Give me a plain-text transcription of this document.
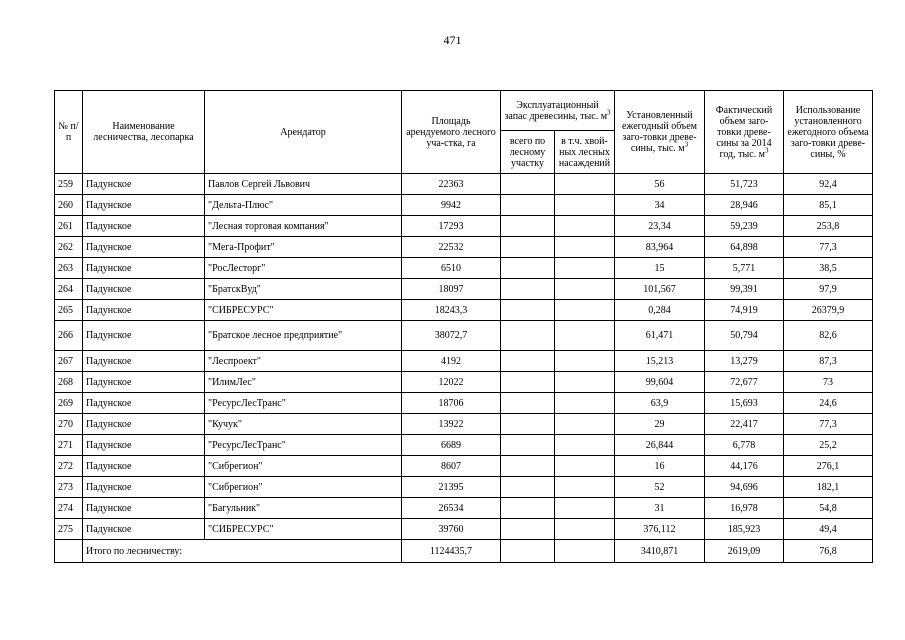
471
№ п/п	Наименование лесничества, лесопарка	Арендатор	Площадь арендуемого лесного уча-стка, га	Эксплуатационный запас древесины, тыс. $м^3$		Установленный ежегодный объем заго-товки древе-сины, тыс. $м^3$	Фактический объем заго-товки древе-сины за 2014 год, тыс. $м^3$	Использование установленного ежегодного объема заго-товки древе-сины, %
				всего по лесному участку	в т.ч. хвой-ных лесных насаждений			
259	Падунское	Павлов Сергей Львович	22363			56	51,723	92,4
260	Падунское	"Дельта-Плюс"	9942			34	28,946	85,1
261	Падунское	"Лесная торговая компания"	17293			23,34	59,239	253,8
262	Падунское	"Мега-Профит"	22532			83,964	64,898	77,3
263	Падунское	"РосЛесторг"	6510			15	5,771	38,5
264	Падунское	"БратскВуд"	18097			101,567	99,391	97,9
265	Падунское	"СИБРЕСУРС"	18243,3			0,284	74,919	26379,9
266	Падунское	"Братское лесное предприятие"	38072,7			61,471	50,794	82,6
267	Падунское	"Леспроект"	4192			15,213	13,279	87,3
268	Падунское	"ИлимЛес"	12022			99,604	72,677	73
269	Падунское	"РесурсЛесТранс"	18706			63,9	15,693	24,6
270	Падунское	"Кучук"	13922			29	22,417	77,3
271	Падунское	"РесурсЛесТранс"	6689			26,844	6,778	25,2
272	Падунское	"Сибрегион"	8607			16	44,176	276,1
273	Падунское	"Сибрегион"	21395			52	94,696	182,1
274	Падунское	"Багульник"	26534			31	16,978	54,8
275	Падунское	"СИБРЕСУРС"	39760			376,112	185,923	49,4
	Итого по лесничеству:		1124435,7			3410,871	2619,09	76,8
